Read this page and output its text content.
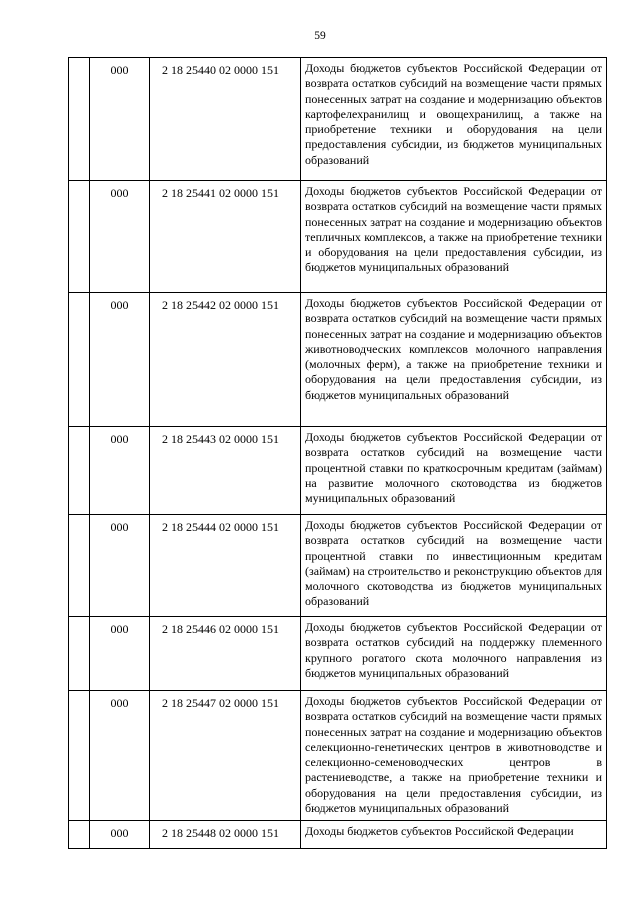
59
	000	2 18 25440 02 0000 151	Доходы бюджетов субъектов Российской Федерации от возврата остатков субсидий на возмещение части прямых понесенных затрат на создание и модернизацию объектов картофелехранилищ и овощехранилищ, а также на приобретение техники и оборудования на цели предоставления субсидии, из бюджетов муниципальных образований
	000	2 18 25441 02 0000 151	Доходы бюджетов субъектов Российской Федерации от возврата остатков субсидий на возмещение части прямых понесенных затрат на создание и модернизацию объектов тепличных комплексов, а также на приобретение техники и оборудования на цели предоставления субсидии, из бюджетов муниципальных образований
	000	2 18 25442 02 0000 151	Доходы бюджетов субъектов Российской Федерации от возврата остатков субсидий на возмещение части прямых понесенных затрат на создание и модернизацию объектов животноводческих комплексов молочного направления (молочных ферм), а также на приобретение техники и оборудования на цели предоставления субсидии, из бюджетов муниципальных образований
	000	2 18 25443 02 0000 151	Доходы бюджетов субъектов Российской Федерации от возврата остатков субсидий на возмещение части процентной ставки по краткосрочным кредитам (займам) на развитие молочного скотоводства из бюджетов муниципальных образований
	000	2 18 25444 02 0000 151	Доходы бюджетов субъектов Российской Федерации от возврата остатков субсидий на возмещение части процентной ставки по инвестиционным кредитам (займам) на строительство и реконструкцию объектов для молочного скотоводства из бюджетов муниципальных образований
	000	2 18 25446 02 0000 151	Доходы бюджетов субъектов Российской Федерации от возврата остатков субсидий на поддержку племенного крупного рогатого скота молочного направления из бюджетов муниципальных образований
	000	2 18 25447 02 0000 151	Доходы бюджетов субъектов Российской Федерации от возврата остатков субсидий на возмещение части прямых понесенных затрат на создание и модернизацию объектов селекционно-генетических центров в животноводстве и селекционно-семеноводческих центров в растениеводстве, а также на приобретение техники и оборудования на цели предоставления субсидии, из бюджетов муниципальных образований
	000	2 18 25448 02 0000 151	Доходы бюджетов субъектов Российской Федерации
